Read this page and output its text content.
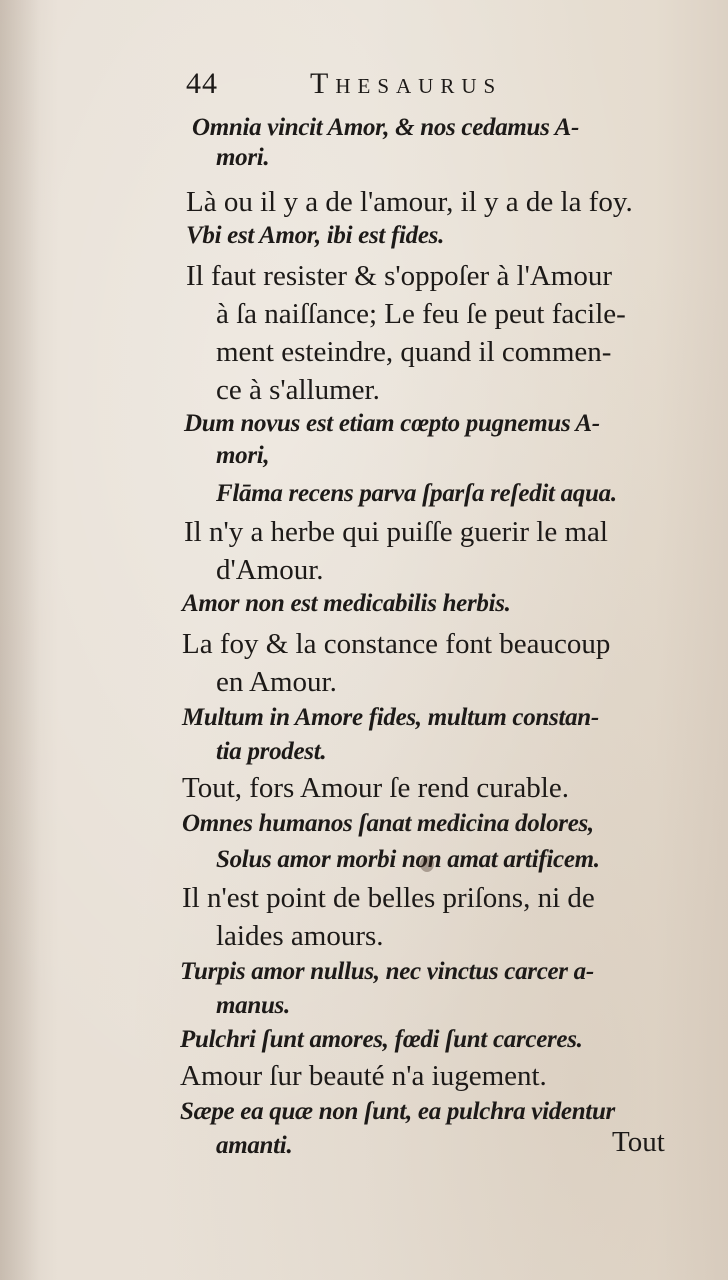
44	Thesaurus
Omnia vincit Amor, & nos cedamus A-
mori.
Là ou il y a de l'amour, il y a de la foy.
Vbi est Amor, ibi est fides.
Il faut resister & s'oppoſer à l'Amour
à ſa naiſſance; Le feu ſe peut facile-
ment esteindre, quand il commen-
ce à s'allumer.
Dum novus est etiam cœpto pugnemus A-
mori,
Flāma recens parva ſparſa reſedit aqua.
Il n'y a herbe qui puiſſe guerir le mal
d'Amour.
Amor non est medicabilis herbis.
La foy & la constance font beaucoup
en Amour.
Multum in Amore fides, multum constan-
tia prodest.
Tout, fors Amour ſe rend curable.
Omnes humanos ſanat medicina dolores,
Solus amor morbi non amat artificem.
Il n'est point de belles priſons, ni de
laides amours.
Turpis amor nullus, nec vinctus carcer a-
manus.
Pulchri ſunt amores, fœdi ſunt carceres.
Amour ſur beauté n'a iugement.
Sæpe ea quæ non ſunt, ea pulchra videntur
amanti.	Tout
